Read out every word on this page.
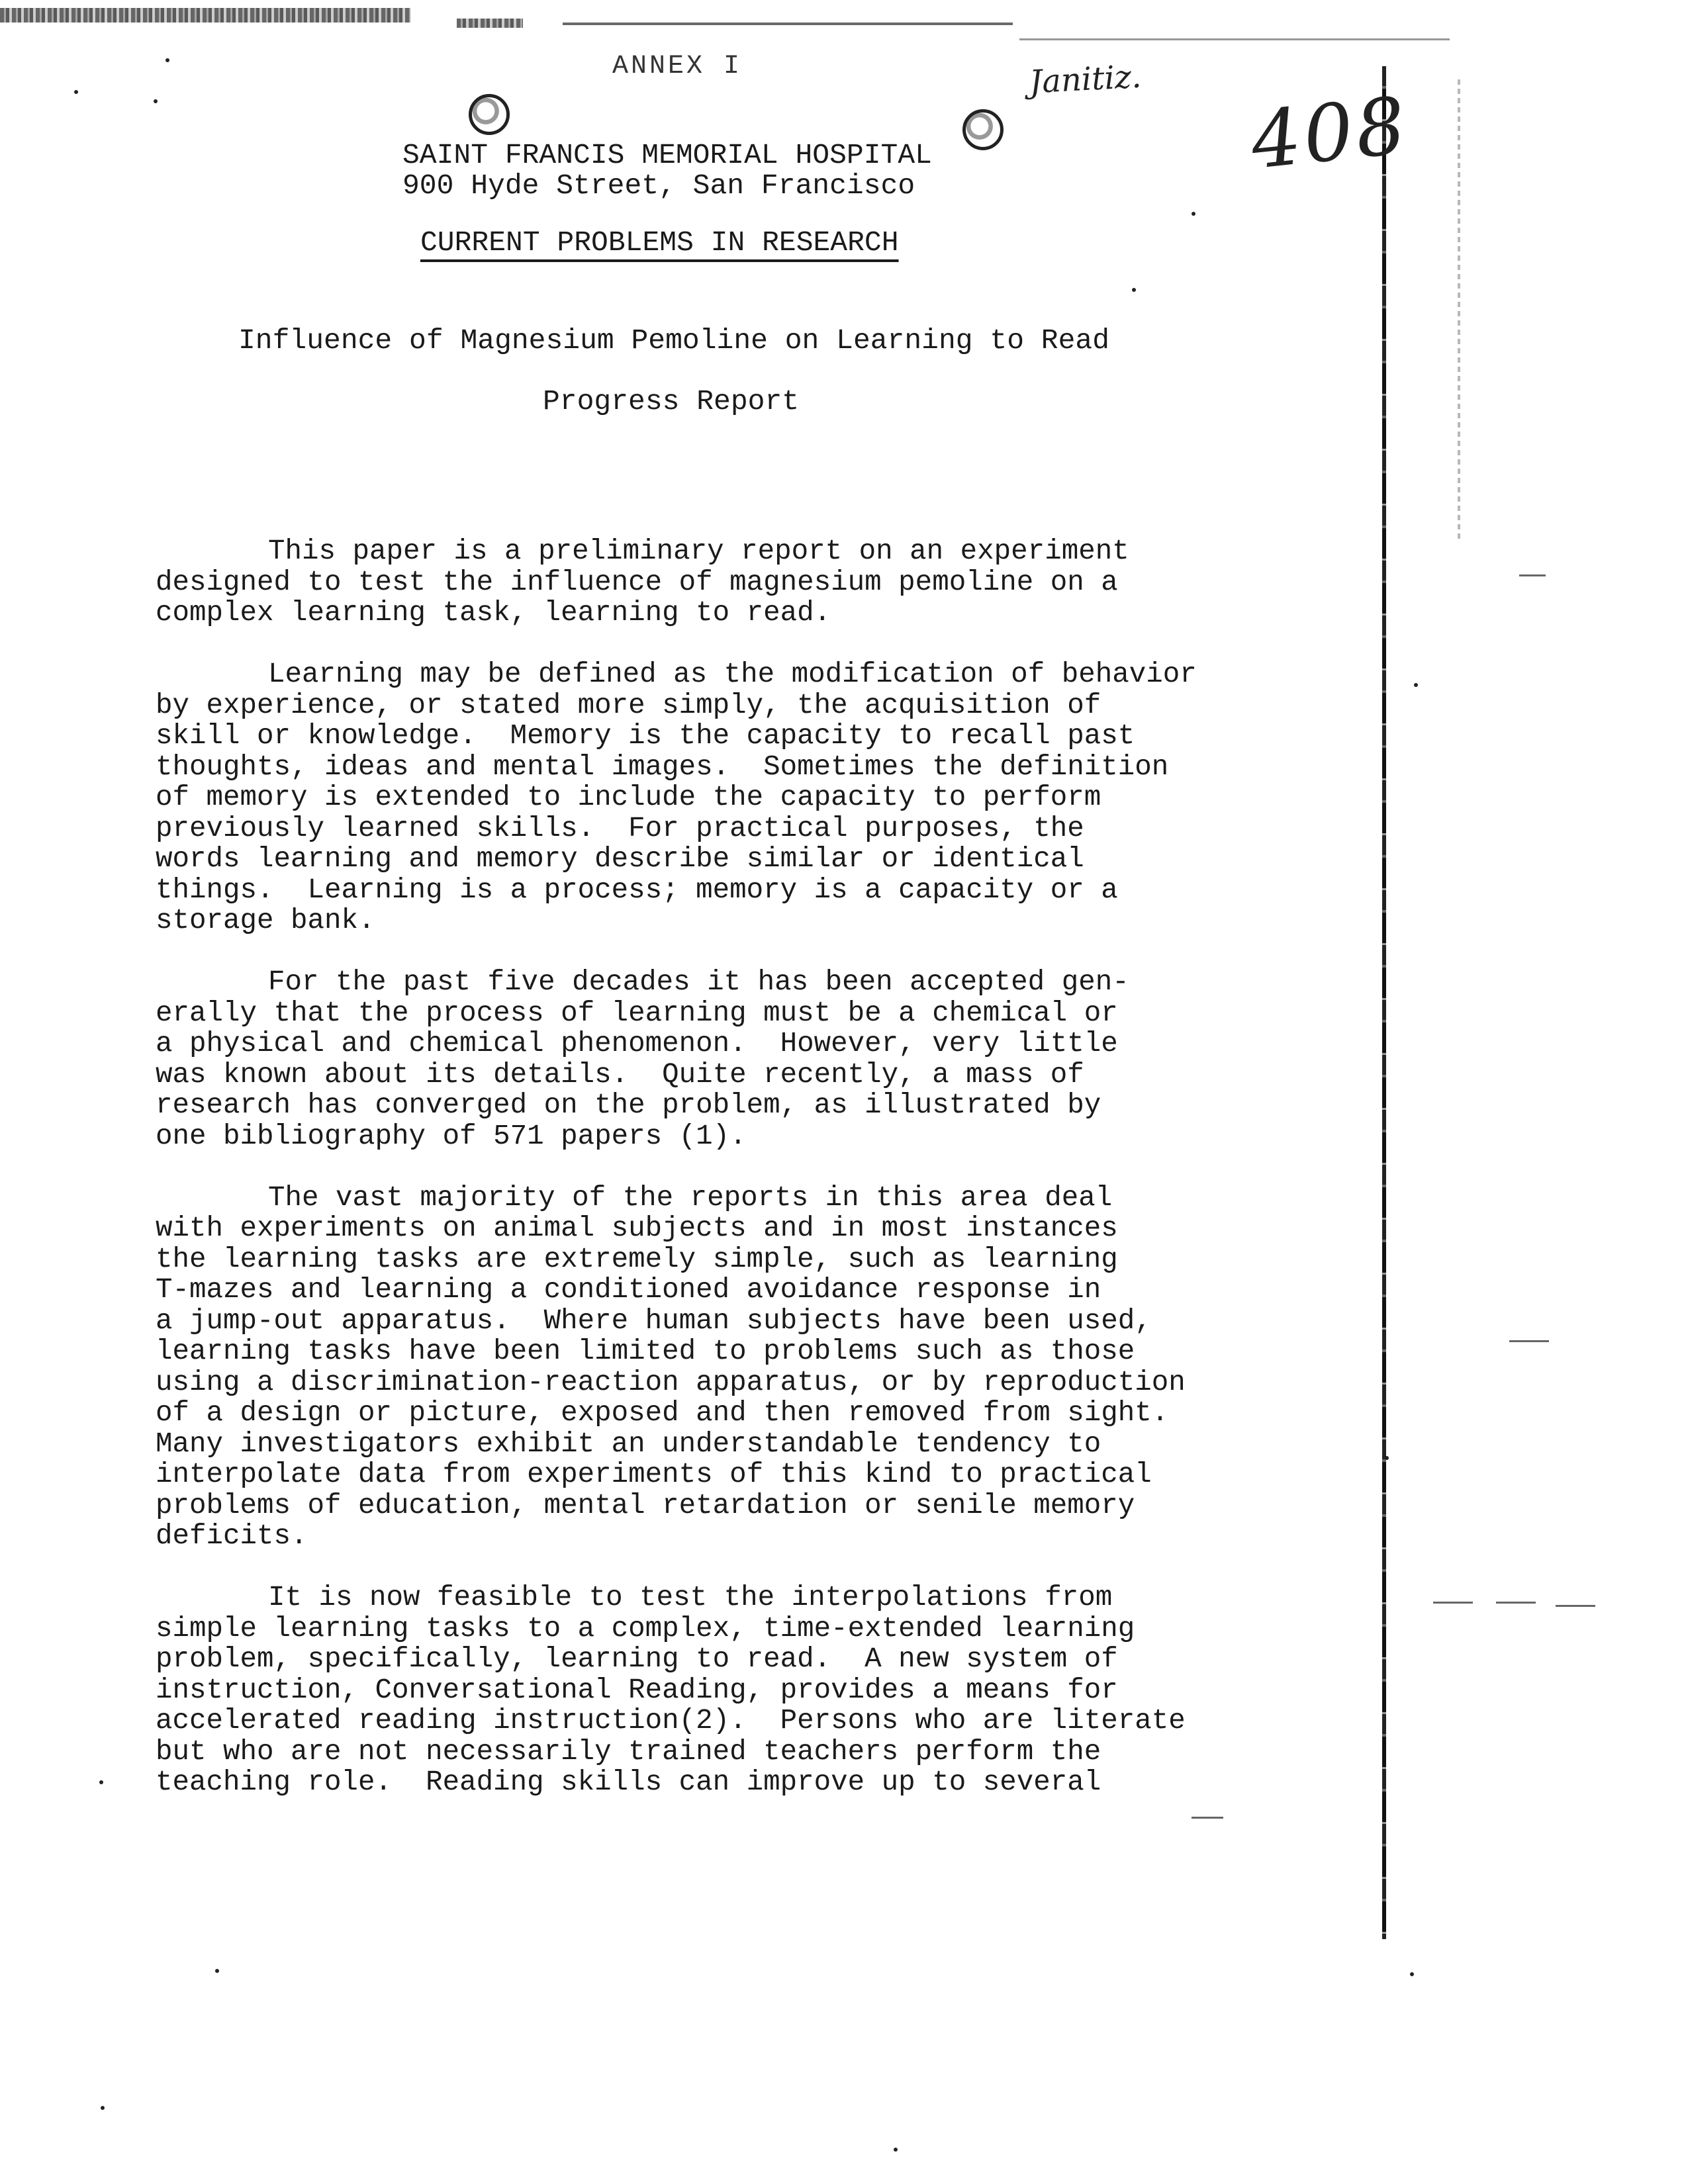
ANNEX I	Janitiz. 408
SAINT FRANCIS MEMORIAL HOSPITAL
900 Hyde Street, San Francisco
CURRENT PROBLEMS IN RESEARCH
Influence of Magnesium Pemoline on Learning to Read
Progress Report

This paper is a preliminary report on an experiment
designed to test the influence of magnesium pemoline on a
complex learning task, learning to read.

Learning may be defined as the modification of behavior
by experience, or stated more simply, the acquisition of
skill or knowledge.  Memory is the capacity to recall past
thoughts, ideas and mental images.  Sometimes the definition
of memory is extended to include the capacity to perform
previously learned skills.  For practical purposes, the
words learning and memory describe similar or identical
things.  Learning is a process; memory is a capacity or a
storage bank.

For the past five decades it has been accepted gen-
erally that the process of learning must be a chemical or
a physical and chemical phenomenon.  However, very little
was known about its details.  Quite recently, a mass of
research has converged on the problem, as illustrated by
one bibliography of 571 papers (1).

The vast majority of the reports in this area deal
with experiments on animal subjects and in most instances
the learning tasks are extremely simple, such as learning
T-mazes and learning a conditioned avoidance response in
a jump-out apparatus.  Where human subjects have been used,
learning tasks have been limited to problems such as those
using a discrimination-reaction apparatus, or by reproduction
of a design or picture, exposed and then removed from sight.
Many investigators exhibit an understandable tendency to
interpolate data from experiments of this kind to practical
problems of education, mental retardation or senile memory
deficits.

It is now feasible to test the interpolations from
simple learning tasks to a complex, time-extended learning
problem, specifically, learning to read.  A new system of
instruction, Conversational Reading, provides a means for
accelerated reading instruction(2).  Persons who are literate
but who are not necessarily trained teachers perform the
teaching role.  Reading skills can improve up to several
